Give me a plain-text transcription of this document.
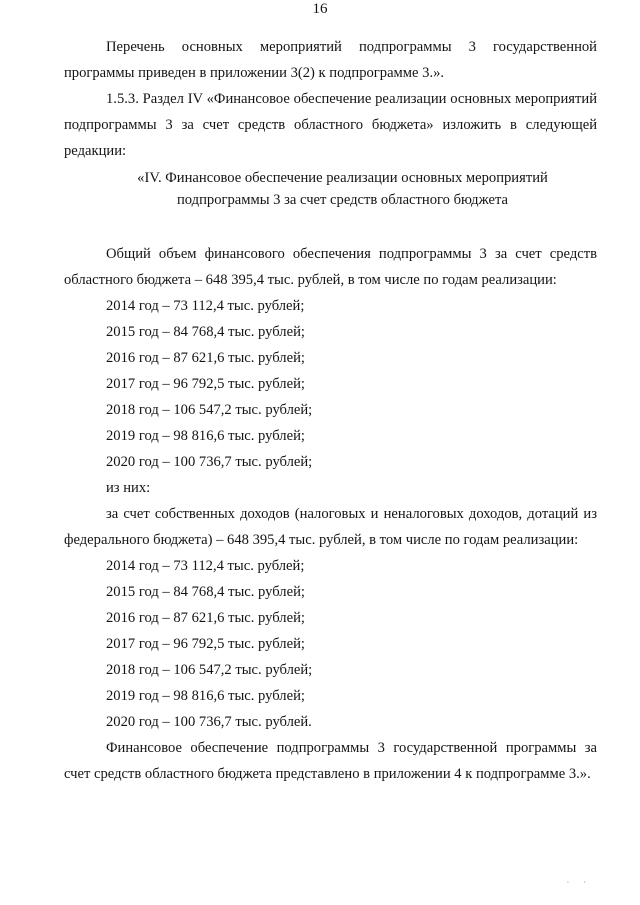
16

Перечень основных мероприятий подпрограммы 3 государственной программы приведен в приложении 3(2) к подпрограмме 3.».

1.5.3. Раздел IV «Финансовое обеспечение реализации основных мероприятий подпрограммы 3 за счет средств областного бюджета» изложить в следующей редакции:

«IV. Финансовое обеспечение реализации основных мероприятий
подпрограммы 3 за счет средств областного бюджета

Общий объем финансового обеспечения подпрограммы 3 за счет средств областного бюджета – 648 395,4 тыс. рублей, в том числе по годам реализации:

2014 год – 73 112,4 тыс. рублей;

2015 год – 84 768,4 тыс. рублей;

2016 год – 87 621,6 тыс. рублей;

2017 год – 96 792,5 тыс. рублей;

2018 год – 106 547,2 тыс. рублей;

2019 год – 98 816,6 тыс. рублей;

2020 год – 100 736,7 тыс. рублей;

из них:

за счет собственных доходов (налоговых и неналоговых доходов, дотаций из федерального бюджета) – 648 395,4 тыс. рублей, в том числе по годам реализации:

2014 год – 73 112,4 тыс. рублей;

2015 год – 84 768,4 тыс. рублей;

2016 год – 87 621,6 тыс. рублей;

2017 год – 96 792,5 тыс. рублей;

2018 год – 106 547,2 тыс. рублей;

2019 год – 98 816,6 тыс. рублей;

2020 год – 100 736,7 тыс. рублей.

Финансовое обеспечение подпрограммы 3 государственной программы за счет средств областного бюджета представлено в приложении 4 к подпрограмме 3.».

· ·
